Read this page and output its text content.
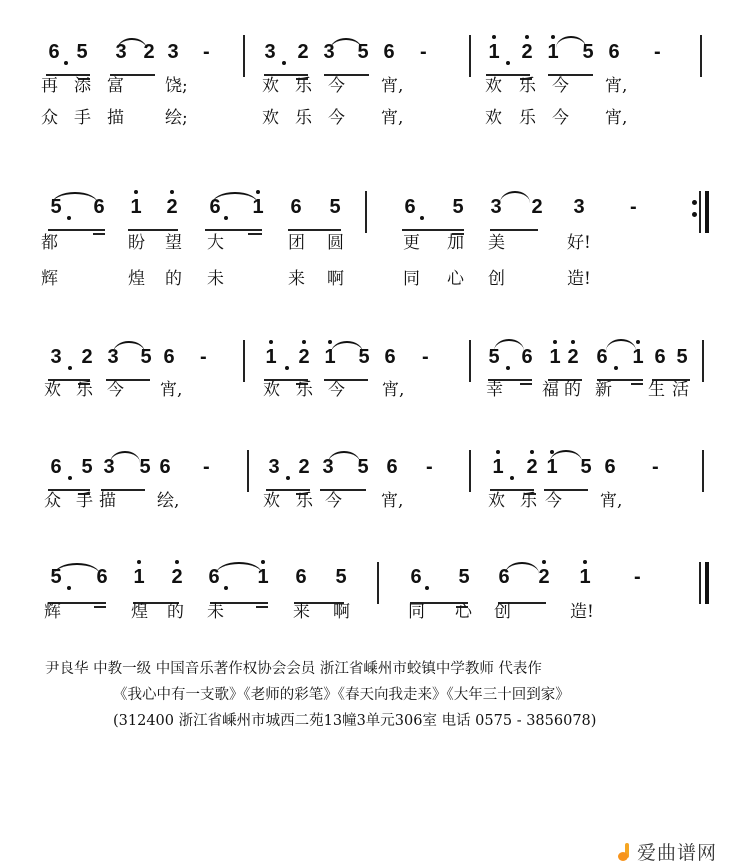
6 5 3 2 3 -	3 2 3 5 6 -	1 2 1 5 6 -
再 添 富 饶;	欢 乐 今 宵,	欢 乐 今 宵,
众 手 描 绘;	欢 乐 今 宵,	欢 乐 今 宵,
5 6 1 2 6 1 6 5	6 5 3 2 3 -
都	盼 望 大	团 圆	更 加 美	好!
辉	煌 的 未	来 啊	同 心 创	造!
3 2 3 5 6 -	1 2 1 5 6 -	5 6 1 2 6 1 6 5
欢 乐 今 宵,	欢 乐 今 宵,	幸 福 的 新 生 活
6 5 3 5 6 -	3 2 3 5 6 -	1 2 1 5 6 -
众 手 描 绘,	欢 乐 今 宵,	欢 乐 今 宵,
5 6 1 2 6 1 6 5	6 5 6 2 1 -
辉	煌 的 未	来 啊	同 心 创	造!
尹良华 中教一级 中国音乐著作权协会会员 浙江省嵊州市蛟镇中学教师 代表作
《我心中有一支歌》《老师的彩笔》《春天向我走来》《大年三十回到家》
(312400 浙江省嵊州市城西二苑13幢3单元306室 电话 0575 - 3856078)
爱曲谱网
